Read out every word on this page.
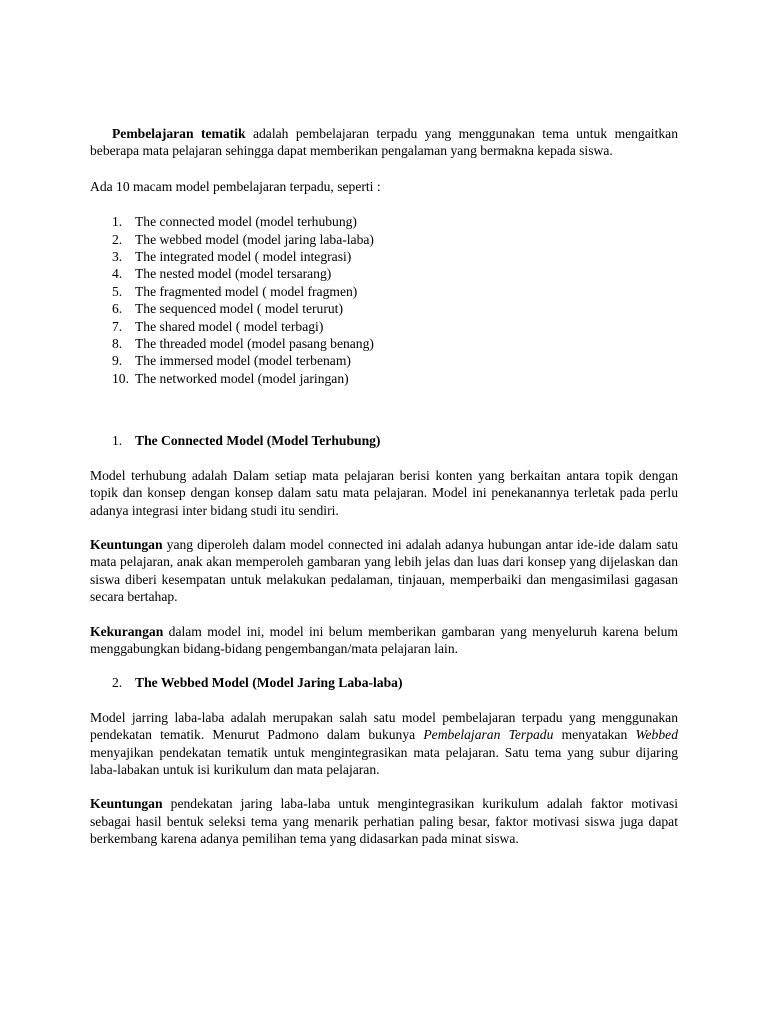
Pembelajaran tematik adalah pembelajaran terpadu yang menggunakan tema untuk mengaitkan beberapa mata pelajaran sehingga dapat memberikan pengalaman yang bermakna kepada siswa.

Ada 10 macam model pembelajaran terpadu, seperti :

1. The connected model (model terhubung)
2. The webbed model (model jaring laba-laba)
3. The integrated model ( model integrasi)
4. The nested model (model tersarang)
5. The fragmented model ( model fragmen)
6. The sequenced model ( model terurut)
7. The shared model ( model terbagi)
8. The threaded model (model pasang benang)
9. The immersed model (model terbenam)
10. The networked model (model jaringan)
1. The Connected Model (Model Terhubung)

Model terhubung adalah Dalam setiap mata pelajaran berisi konten yang berkaitan antara topik dengan topik dan konsep dengan konsep dalam satu mata pelajaran. Model ini penekanannya terletak pada perlu adanya integrasi inter bidang studi itu sendiri.

Keuntungan yang diperoleh dalam model connected ini adalah adanya hubungan antar ide-ide dalam satu mata pelajaran, anak akan memperoleh gambaran yang lebih jelas dan luas dari konsep yang dijelaskan dan siswa diberi kesempatan untuk melakukan pedalaman, tinjauan, memperbaiki dan mengasimilasi gagasan secara bertahap.

Kekurangan dalam model ini, model ini belum memberikan gambaran yang menyeluruh karena belum menggabungkan bidang-bidang pengembangan/mata pelajaran lain.

2. The Webbed Model (Model Jaring Laba-laba)

Model jarring laba-laba adalah merupakan salah satu model pembelajaran terpadu yang menggunakan pendekatan tematik. Menurut Padmono dalam bukunya Pembelajaran Terpadu menyatakan Webbed menyajikan pendekatan tematik untuk mengintegrasikan mata pelajaran. Satu tema yang subur dijaring laba-labakan untuk isi kurikulum dan mata pelajaran.

Keuntungan pendekatan jaring laba-laba untuk mengintegrasikan kurikulum adalah faktor motivasi sebagai hasil bentuk seleksi tema yang menarik perhatian paling besar, faktor motivasi siswa juga dapat berkembang karena adanya pemilihan tema yang didasarkan pada minat siswa.
